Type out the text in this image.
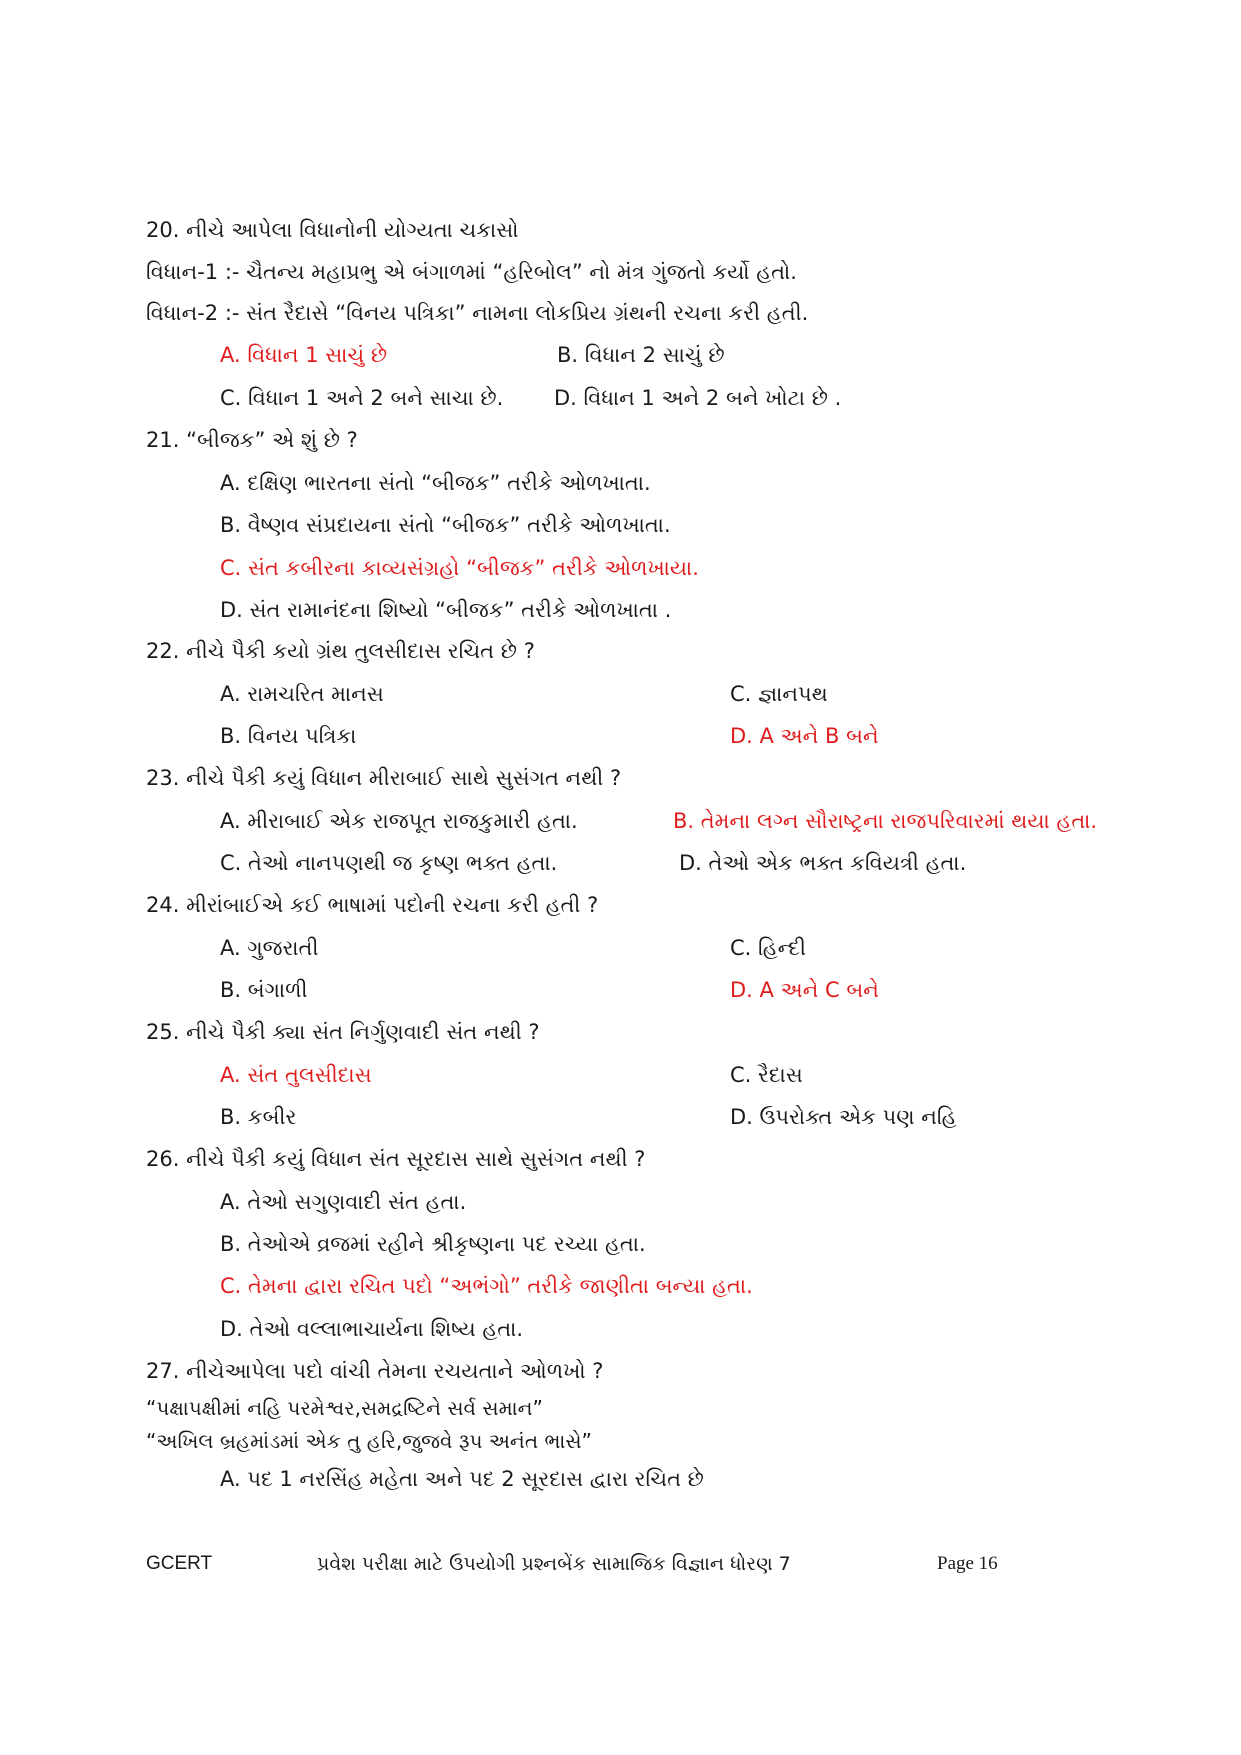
20. નીચે આપેલા વિધાનોની યોગ્યતા ચકાસો
વિધાન-1 :- ચૈતન્ય મહાપ્રભુ એ બંગાળમાં “હરિબોલ” નો મંત્ર ગુંજતો કર્યો હતો.
વિધાન-2 :- સંત રૈદાસે “વિનય પત્રિકા” નામના લોકપ્રિય ગ્રંથની રચના કરી હતી.
A. વિધાન 1 સાચું છે	B. વિધાન 2 સાચું છે
C. વિધાન 1 અને 2 બને સાચા છે. D. વિધાન 1 અને 2 બને ખોટા છે .
21. “બીજક” એ શું છે ?
A. દક્ષિણ ભારતના સંતો “બીજક” તરીકે ઓળખાતા.
B. વૈષ્ણવ સંપ્રદાયના સંતો “બીજક” તરીકે ઓળખાતા.
C. સંત કબીરના કાવ્યસંગ્રહો “બીજક” તરીકે ઓળખાયા.
D. સંત રામાનંદના શિષ્યો “બીજક” તરીકે ઓળખાતા .
22. નીચે પૈકી કયો ગ્રંથ તુલસીદાસ રચિત છે ?
A. રામચરિત માનસ	C. જ્ઞાનપથ
B. વિનય પત્રિકા	D. A અને B બને
23. નીચે પૈકી કયું વિધાન મીરાબાઈ સાથે સુસંગત નથી ?
A. મીરાબાઈ એક રાજપૂત રાજકુમારી હતા.	B. તેમના લગ્ન સૌરાષ્ટ્રના રાજપરિવારમાં થયા હતા.
C. તેઓ નાનપણથી જ કૃષ્ણ ભક્ત હતા.	D. તેઓ એક ભક્ત કવિયત્રી હતા.
24. મીરાંબાઈએ કઈ ભાષામાં પદોની રચના કરી હતી ?
A. ગુજરાતી	C. હિન્દી
B. બંગાળી	D. A અને C બને
25. નીચે પૈકી ક્યા સંત નિર્ગુણવાદી સંત નથી ?
A. સંત તુલસીદાસ	C. રૈદાસ
B. કબીર	D. ઉપરોક્ત એક પણ નહિ
26. નીચે પૈકી કયું વિધાન સંત સૂરદાસ સાથે સુસંગત નથી ?
A. તેઓ સગુણવાદી સંત હતા.
B. તેઓએ વ્રજમાં રહીને શ્રીકૃષ્ણના પદ રચ્યા હતા.
C. તેમના દ્વારા રચિત પદો “અભંગો” તરીકે જાણીતા બન્યા હતા.
D. તેઓ વલ્લાભાચાર્યના શિષ્ય હતા.
27. નીચેઆપેલા પદો વાંચી તેમના રચયતાને ઓળખો ?
“પક્ષાપક્ષીમાં નહિ પરમેશ્વર,સમદ્રષ્ટિને સર્વ સમાન”
“અખિલ બ્રહમાંડમાં એક તુ હરિ,જુજવે રૂપ અનંત ભાસે”
A. પદ 1 નરસિંહ મહેતા અને પદ 2 સૂરદાસ દ્વારા રચિત છે
GCERT	પ્રવેશ પરીક્ષા માટે ઉપયોગી પ્રશ્નબેંક સામાજિક વિજ્ઞાન ધોરણ 7	Page 16
